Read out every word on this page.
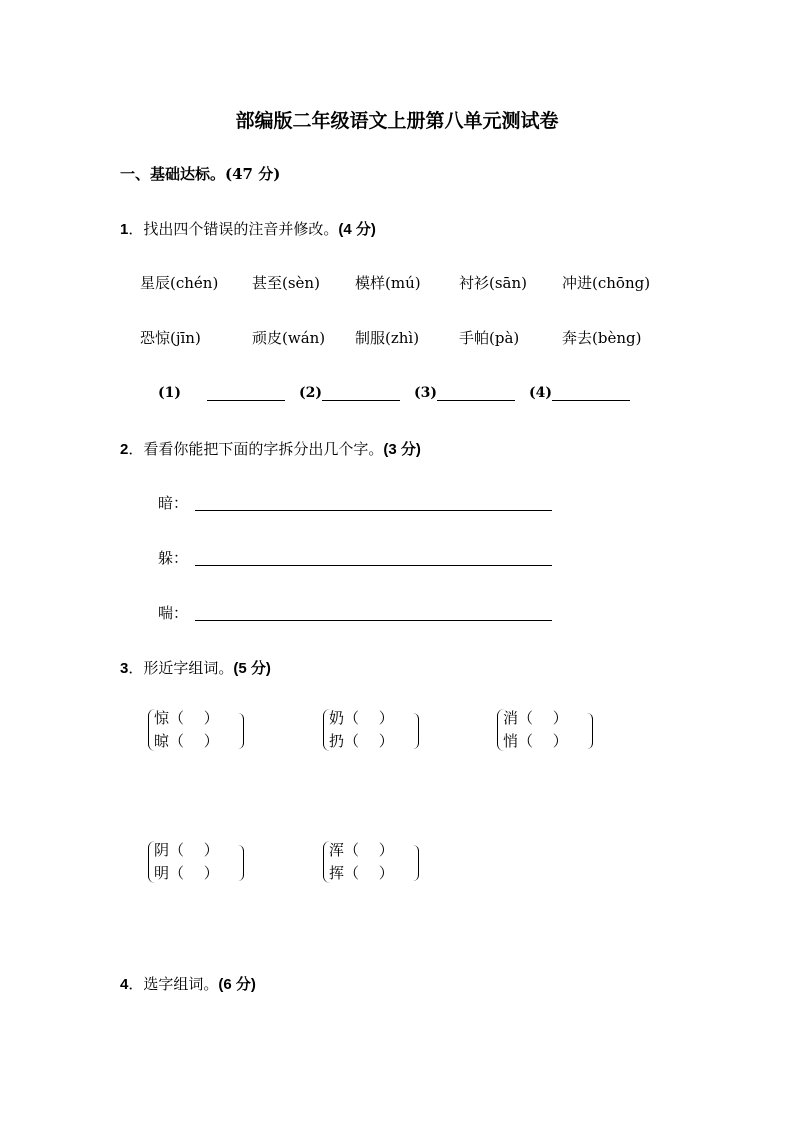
部编版二年级语文上册第八单元测试卷
一、基础达标。(47 分)
1．找出四个错误的注音并修改。(4 分)
星辰(chén) 甚至(sèn) 模样(mú)	衬衫(sān) 冲进(chōng)
恐惊(jīn)	顽皮(wán) 制服(zhì)	手帕(pà)	奔去(bèng)
(1)	(2)	(3)	(4)
2．看看你能把下面的字拆分出几个字。(3 分)
暗：
躲：
喘：
3．形近字组词。(5 分)
惊（　 ）
晾（　 ）
奶（　 ）
扔（　 ）
消（　 ）
悄（　 ）
阴（　 ）
明（　 ）
浑（　 ）
挥（　 ）
4．选字组词。(6 分)
